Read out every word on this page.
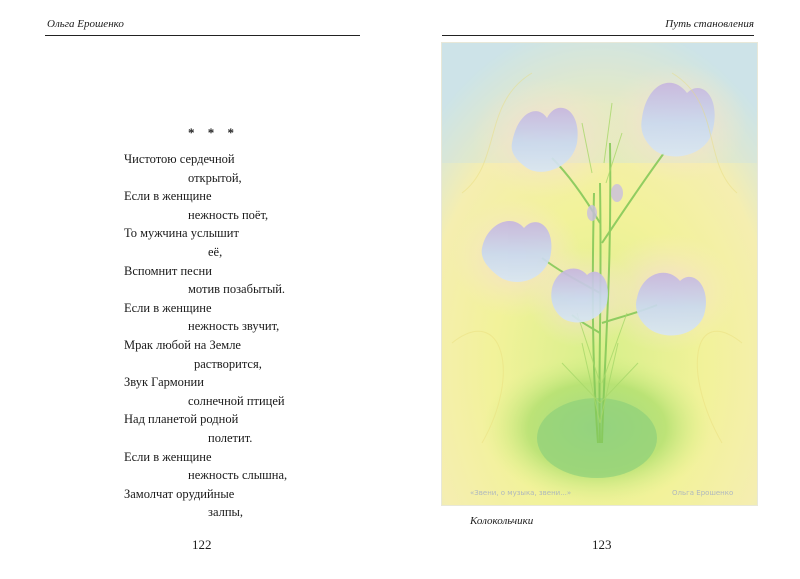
Ольга Ерошенко
* * *
Чистотою сердечной
открытой,
Если в женщине
нежность поёт,
То мужчина услышит
её,
Вспомнит песни
мотив позабытый.
Если в женщине
нежность звучит,
Мрак любой на Земле
растворится,
Звук Гармонии
солнечной птицей
Над планетой родной
полетит.
Если в женщине
нежность слышна,
Замолчат орудийные
залпы,
122
Путь становления
«Звени, о музыка, звени...»	Ольга Ерошенко
Колокольчики
123
